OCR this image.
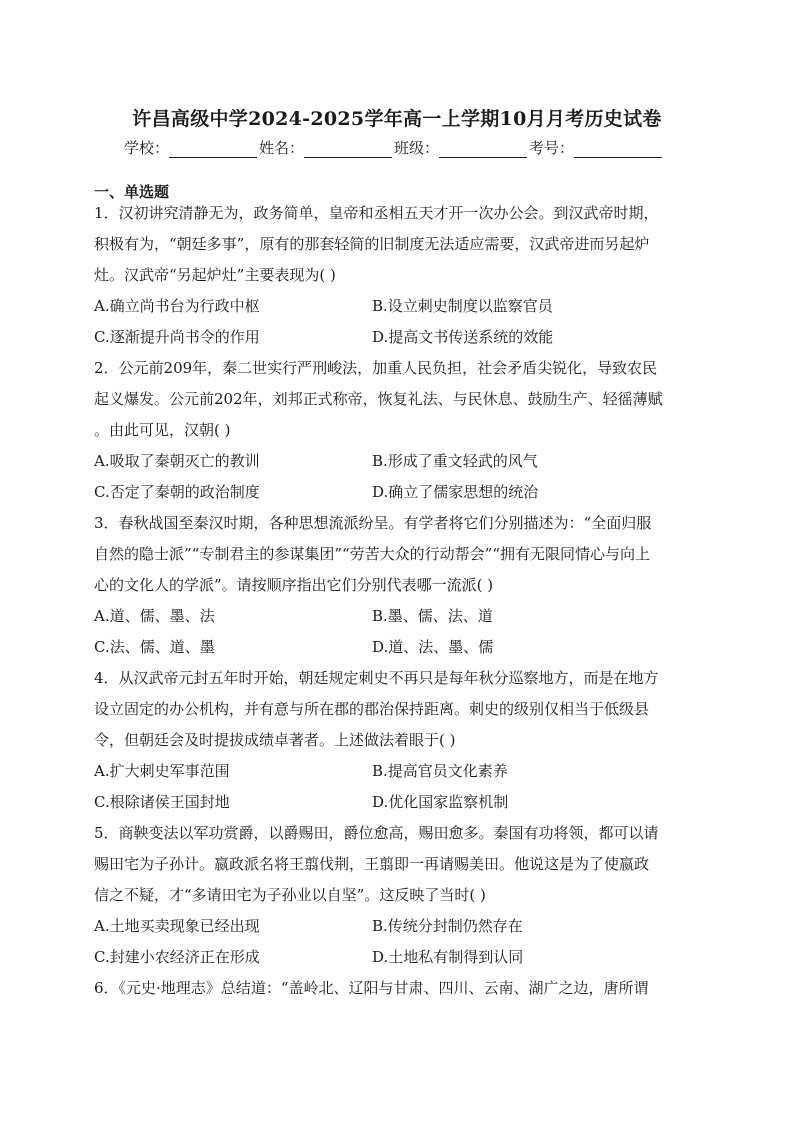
许昌高级中学2024-2025学年高一上学期10月月考历史试卷
学校：	姓名：	班级：	考号：
一、单选题

1．汉初讲究清静无为，政务简单，皇帝和丞相五天才开一次办公会。到汉武帝时期，
积极有为，“朝廷多事”，原有的那套轻简的旧制度无法适应需要，汉武帝进而另起炉
灶。汉武帝“另起炉灶”主要表现为( )

A.确立尚书台为行政中枢	B.设立刺史制度以监察官员
C.逐渐提升尚书令的作用	D.提高文书传送系统的效能

2．公元前209年，秦二世实行严刑峻法，加重人民负担，社会矛盾尖锐化，导致农民
起义爆发。公元前202年，刘邦正式称帝，恢复礼法、与民休息、鼓励生产、轻徭薄赋
。由此可见，汉朝( )

A.吸取了秦朝灭亡的教训	B.形成了重文轻武的风气
C.否定了秦朝的政治制度	D.确立了儒家思想的统治

3．春秋战国至秦汉时期，各种思想流派纷呈。有学者将它们分别描述为：“全面归服
自然的隐士派”“专制君主的参谋集团”“劳苦大众的行动帮会”“拥有无限同情心与向上
心的文化人的学派”。请按顺序指出它们分别代表哪一流派( )

A.道、儒、墨、法	B.墨、儒、法、道
C.法、儒、道、墨	D.道、法、墨、儒

4．从汉武帝元封五年时开始，朝廷规定刺史不再只是每年秋分巡察地方，而是在地方
设立固定的办公机构，并有意与所在郡的郡治保持距离。刺史的级别仅相当于低级县
令，但朝廷会及时提拔成绩卓著者。上述做法着眼于( )

A.扩大刺史军事范围	B.提高官员文化素养
C.根除诸侯王国封地	D.优化国家监察机制

5．商鞅变法以军功赏爵，以爵赐田，爵位愈高，赐田愈多。秦国有功将领，都可以请
赐田宅为子孙计。嬴政派名将王翦伐荆，王翦即一再请赐美田。他说这是为了使嬴政
信之不疑，才“多请田宅为子孙业以自坚”。这反映了当时( )

A.土地买卖现象已经出现	B.传统分封制仍然存在
C.封建小农经济正在形成	D.土地私有制得到认同

6．《元史·地理志》总结道：“盖岭北、辽阳与甘肃、四川、云南、湖广之边，唐所谓
